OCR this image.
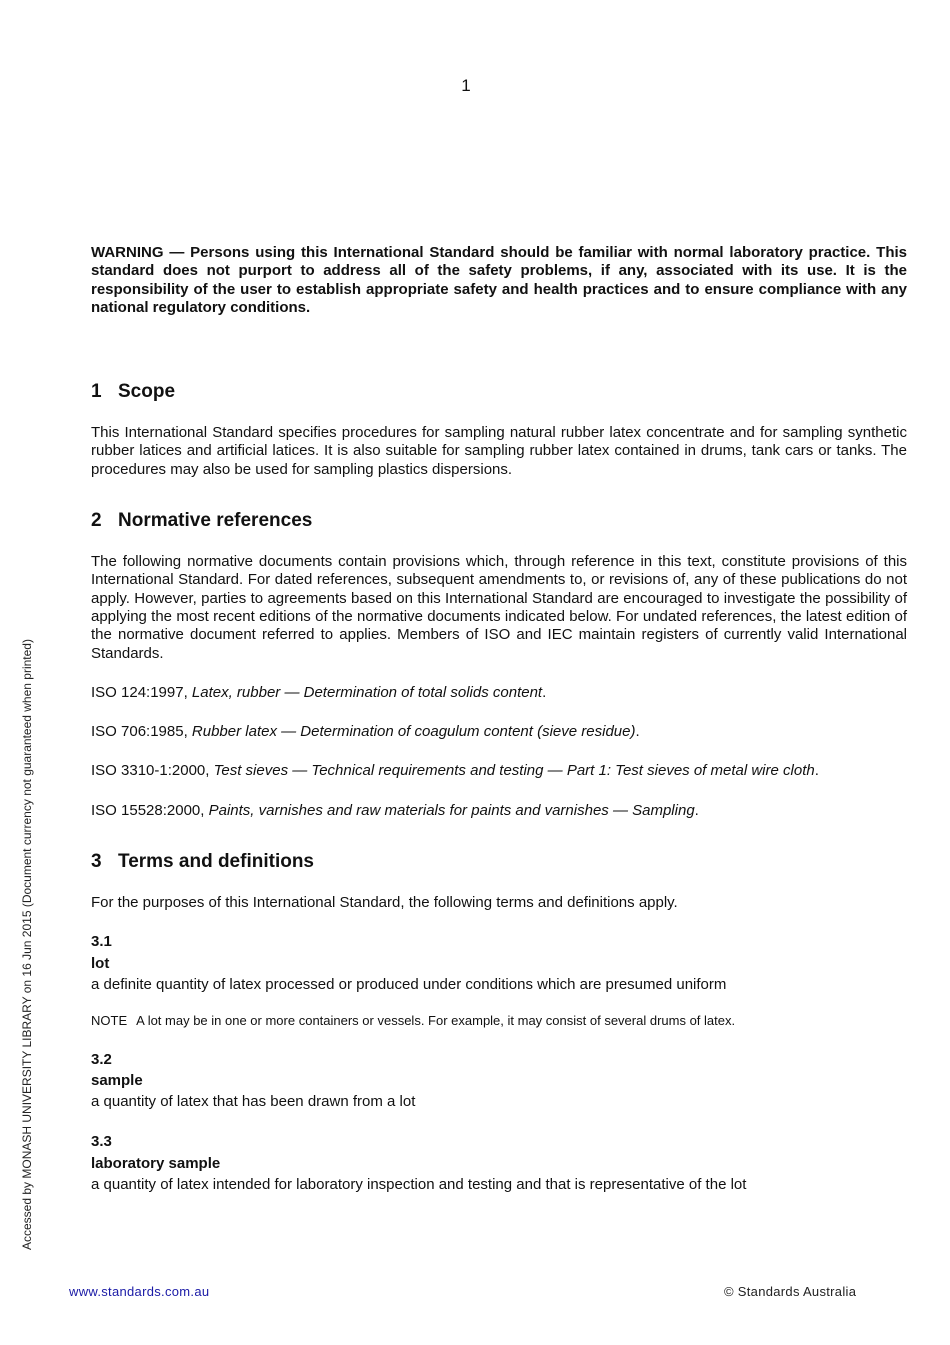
1

WARNING — Persons using this International Standard should be familiar with normal laboratory practice. This standard does not purport to address all of the safety problems, if any, associated with its use. It is the responsibility of the user to establish appropriate safety and health practices and to ensure compliance with any national regulatory conditions.

1 Scope

This International Standard specifies procedures for sampling natural rubber latex concentrate and for sampling synthetic rubber latices and artificial latices. It is also suitable for sampling rubber latex contained in drums, tank cars or tanks. The procedures may also be used for sampling plastics dispersions.

2 Normative references

The following normative documents contain provisions which, through reference in this text, constitute provisions of this International Standard. For dated references, subsequent amendments to, or revisions of, any of these publications do not apply. However, parties to agreements based on this International Standard are encouraged to investigate the possibility of applying the most recent editions of the normative documents indicated below. For undated references, the latest edition of the normative document referred to applies. Members of ISO and IEC maintain registers of currently valid International Standards.

ISO 124:1997, Latex, rubber — Determination of total solids content.

ISO 706:1985, Rubber latex — Determination of coagulum content (sieve residue).

ISO 3310-1:2000, Test sieves — Technical requirements and testing — Part 1: Test sieves of metal wire cloth.

ISO 15528:2000, Paints, varnishes and raw materials for paints and varnishes — Sampling.

3 Terms and definitions

For the purposes of this International Standard, the following terms and definitions apply.

3.1

lot

a definite quantity of latex processed or produced under conditions which are presumed uniform

NOTE A lot may be in one or more containers or vessels. For example, it may consist of several drums of latex.

3.2

sample

a quantity of latex that has been drawn from a lot

3.3

laboratory sample

a quantity of latex intended for laboratory inspection and testing and that is representative of the lot

Accessed by MONASH UNIVERSITY LIBRARY on 16 Jun 2015 (Document currency not guaranteed when printed)
www.standards.com.au	© Standards Australia
